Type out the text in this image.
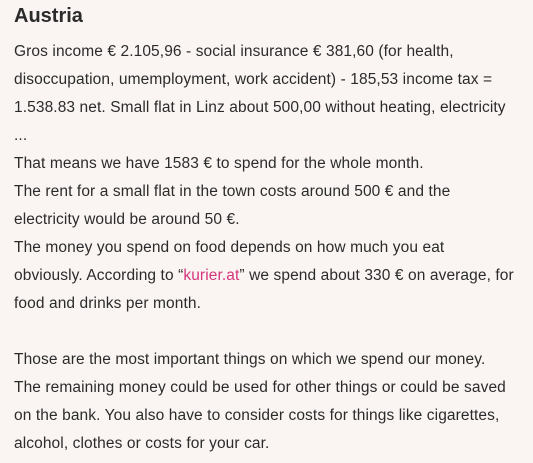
Austria
Gros income € 2.105,96 - social insurance € 381,60 (for health,
disoccupation, umemployment, work accident) - 185,53 income tax =
1.538.83 net. Small flat in Linz about 500,00 without heating, electricity
...
That means we have 1583 € to spend for the whole month.
The rent for a small flat in the town costs around 500 € and the
electricity would be around 50 €.
The money you spend on food depends on how much you eat
obviously. According to “kurier.at” we spend about 330 € on average, for
food and drinks per month.
Those are the most important things on which we spend our money.
The remaining money could be used for other things or could be saved
on the bank. You also have to consider costs for things like cigarettes,
alcohol, clothes or costs for your car.
